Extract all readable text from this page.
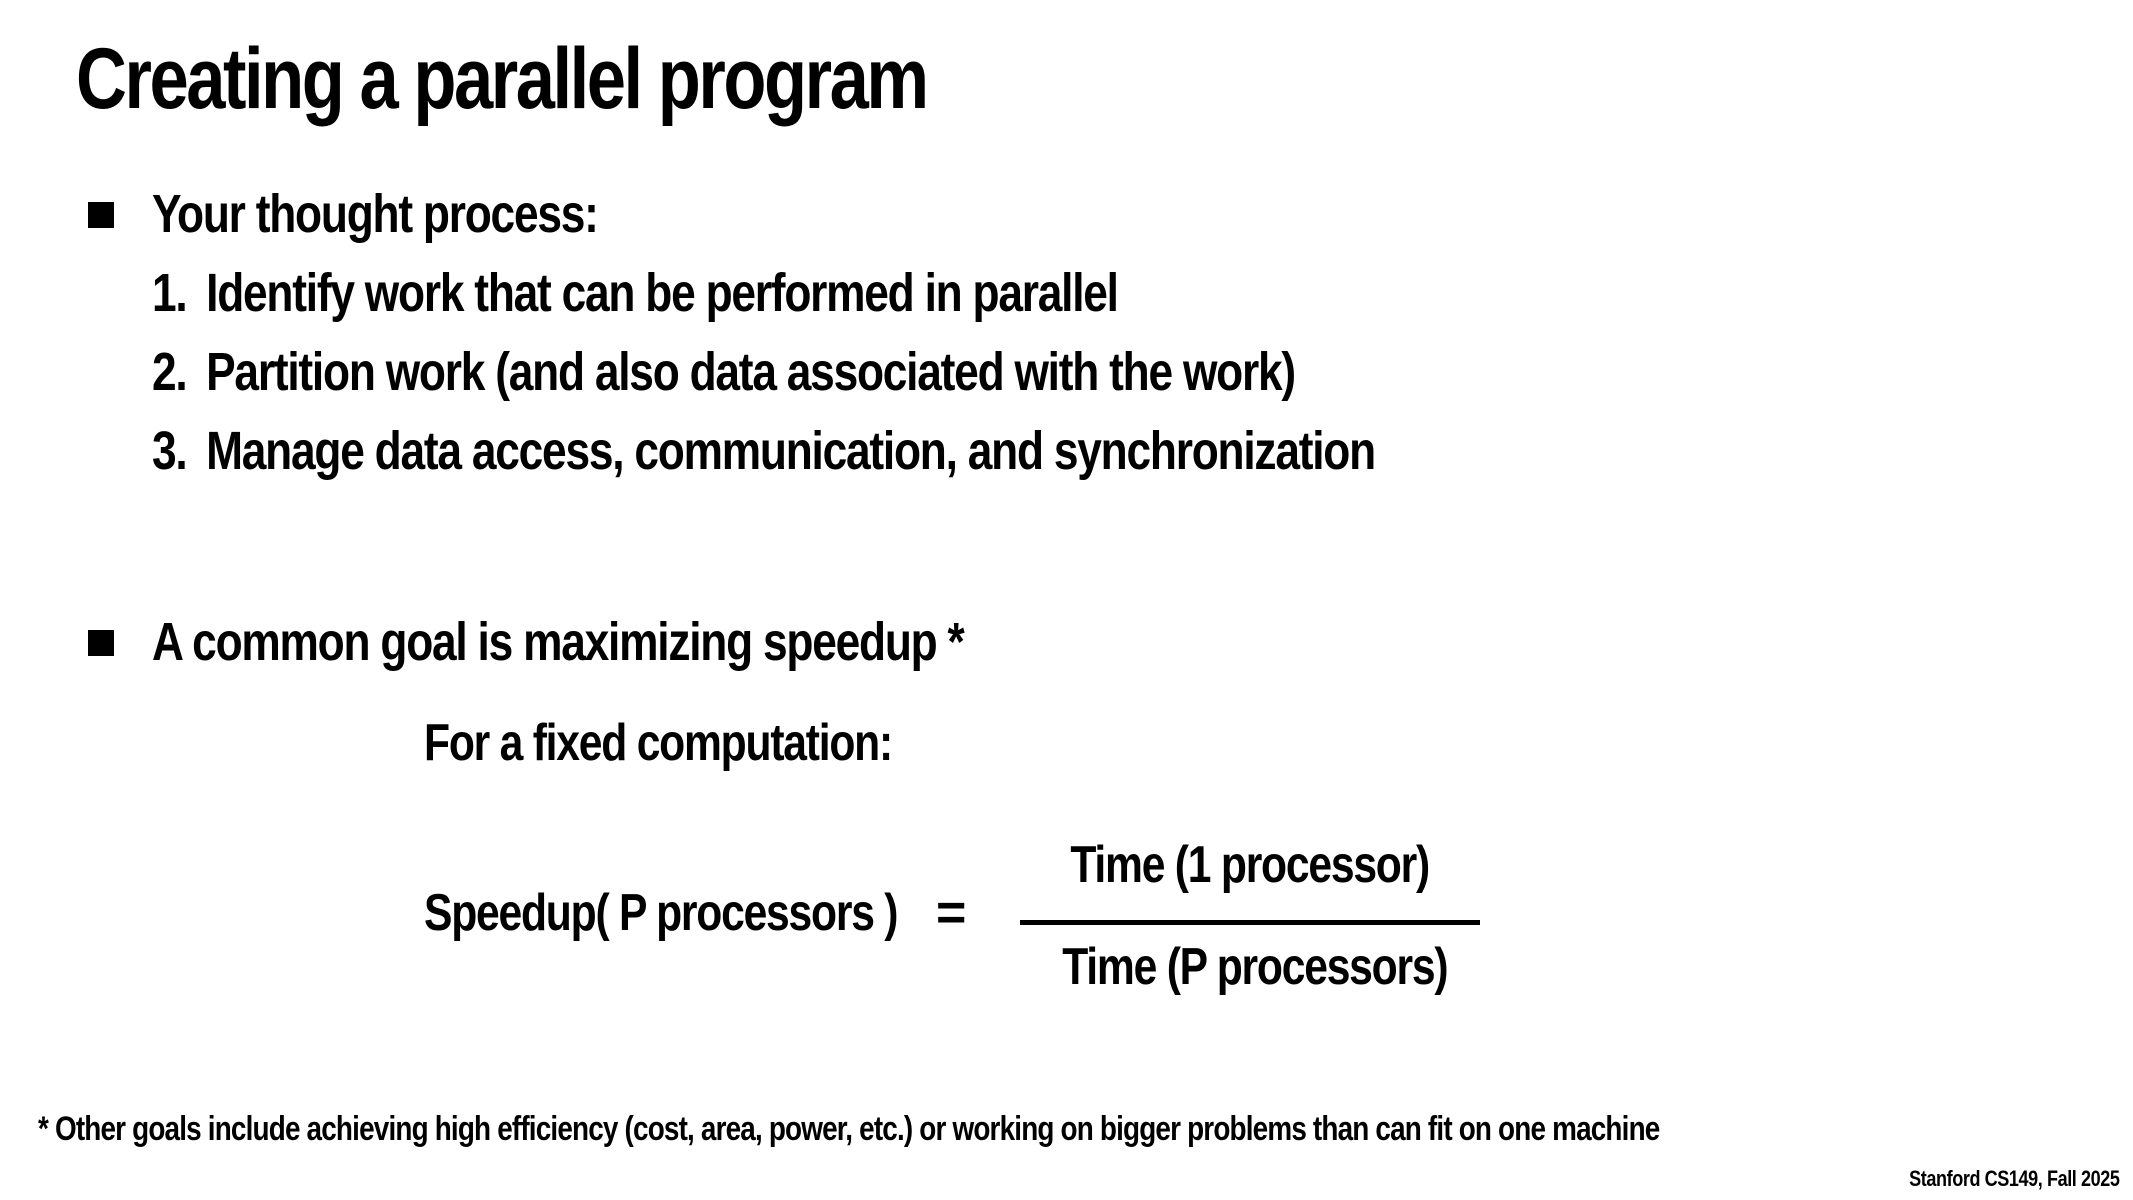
Creating a parallel program
Your thought process:
1. Identify work that can be performed in parallel
2. Partition work (and also data associated with the work)
3. Manage data access, communication, and synchronization
A common goal is maximizing speedup *
For a fixed computation:
Speedup( P processors ) =
Time (1 processor)
Time (P processors)
* Other goals include achieving high efficiency (cost, area, power, etc.) or working on bigger problems than can fit on one machine
Stanford CS149, Fall 2025
